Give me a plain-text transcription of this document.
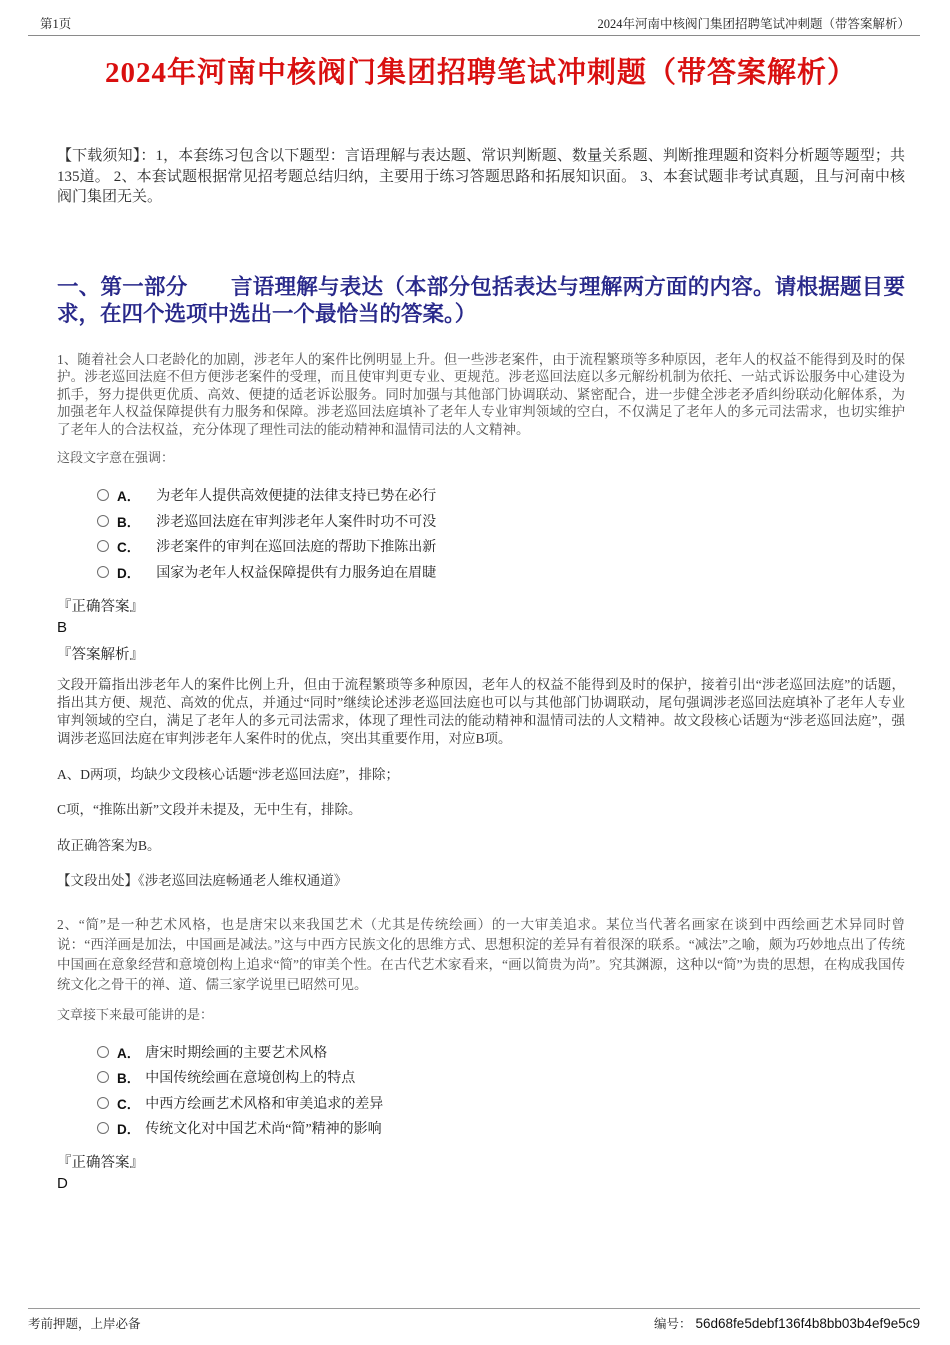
第1页	2024年河南中核阀门集团招聘笔试冲刺题（带答案解析）
2024年河南中核阀门集团招聘笔试冲刺题（带答案解析）
【下载须知】：1，本套练习包含以下题型：言语理解与表达题、常识判断题、数量关系题、判断推理题和资料分析题等题型；共135道。 2、本套试题根据常见招考题总结归纳，主要用于练习答题思路和拓展知识面。 3、本套试题非考试真题，且与河南中核阀门集团无关。
一、第一部分　　言语理解与表达（本部分包括表达与理解两方面的内容。请根据题目要求，在四个选项中选出一个最恰当的答案。）
1、随着社会人口老龄化的加剧，涉老年人的案件比例明显上升。但一些涉老案件，由于流程繁琐等多种原因，老年人的权益不能得到及时的保护。涉老巡回法庭不但方便涉老案件的受理，而且使审判更专业、更规范。涉老巡回法庭以多元解纷机制为依托、一站式诉讼服务中心建设为抓手，努力提供更优质、高效、便捷的适老诉讼服务。同时加强与其他部门协调联动、紧密配合，进一步健全涉老矛盾纠纷联动化解体系，为加强老年人权益保障提供有力服务和保障。涉老巡回法庭填补了老年人专业审判领域的空白，不仅满足了老年人的多元司法需求，也切实维护了老年人的合法权益，充分体现了理性司法的能动精神和温情司法的人文精神。
这段文字意在强调：
A． 为老年人提供高效便捷的法律支持已势在必行
B． 涉老巡回法庭在审判涉老年人案件时功不可没
C． 涉老案件的审判在巡回法庭的帮助下推陈出新
D． 国家为老年人权益保障提供有力服务迫在眉睫
『正确答案』
B
『答案解析』
文段开篇指出涉老年人的案件比例上升，但由于流程繁琐等多种原因，老年人的权益不能得到及时的保护，接着引出“涉老巡回法庭”的话题，指出其方便、规范、高效的优点，并通过“同时”继续论述涉老巡回法庭也可以与其他部门协调联动，尾句强调涉老巡回法庭填补了老年人专业审判领域的空白，满足了老年人的多元司法需求，体现了理性司法的能动精神和温情司法的人文精神。故文段核心话题为“涉老巡回法庭”，强调涉老巡回法庭在审判涉老年人案件时的优点，突出其重要作用，对应B项。
A、D两项，均缺少文段核心话题“涉老巡回法庭”，排除；
C项，“推陈出新”文段并未提及，无中生有，排除。
故正确答案为B。
【文段出处】《涉老巡回法庭畅通老人维权通道》
2、“简”是一种艺术风格，也是唐宋以来我国艺术（尤其是传统绘画）的一大审美追求。某位当代著名画家在谈到中西绘画艺术异同时曾说：“西洋画是加法，中国画是减法。”这与中西方民族文化的思维方式、思想积淀的差异有着很深的联系。“减法”之喻，颇为巧妙地点出了传统中国画在意象经营和意境创构上追求“简”的审美个性。在古代艺术家看来，“画以简贵为尚”。究其渊源，这种以“简”为贵的思想，在构成我国传统文化之骨干的禅、道、儒三家学说里已昭然可见。
文章接下来最可能讲的是：
A． 唐宋时期绘画的主要艺术风格
B． 中国传统绘画在意境创构上的特点
C． 中西方绘画艺术风格和审美追求的差异
D． 传统文化对中国艺术尚“简”精神的影响
『正确答案』
D
考前押题，上岸必备	编号： 56d68fe5debf136f4b8bb03b4ef9e5c9
